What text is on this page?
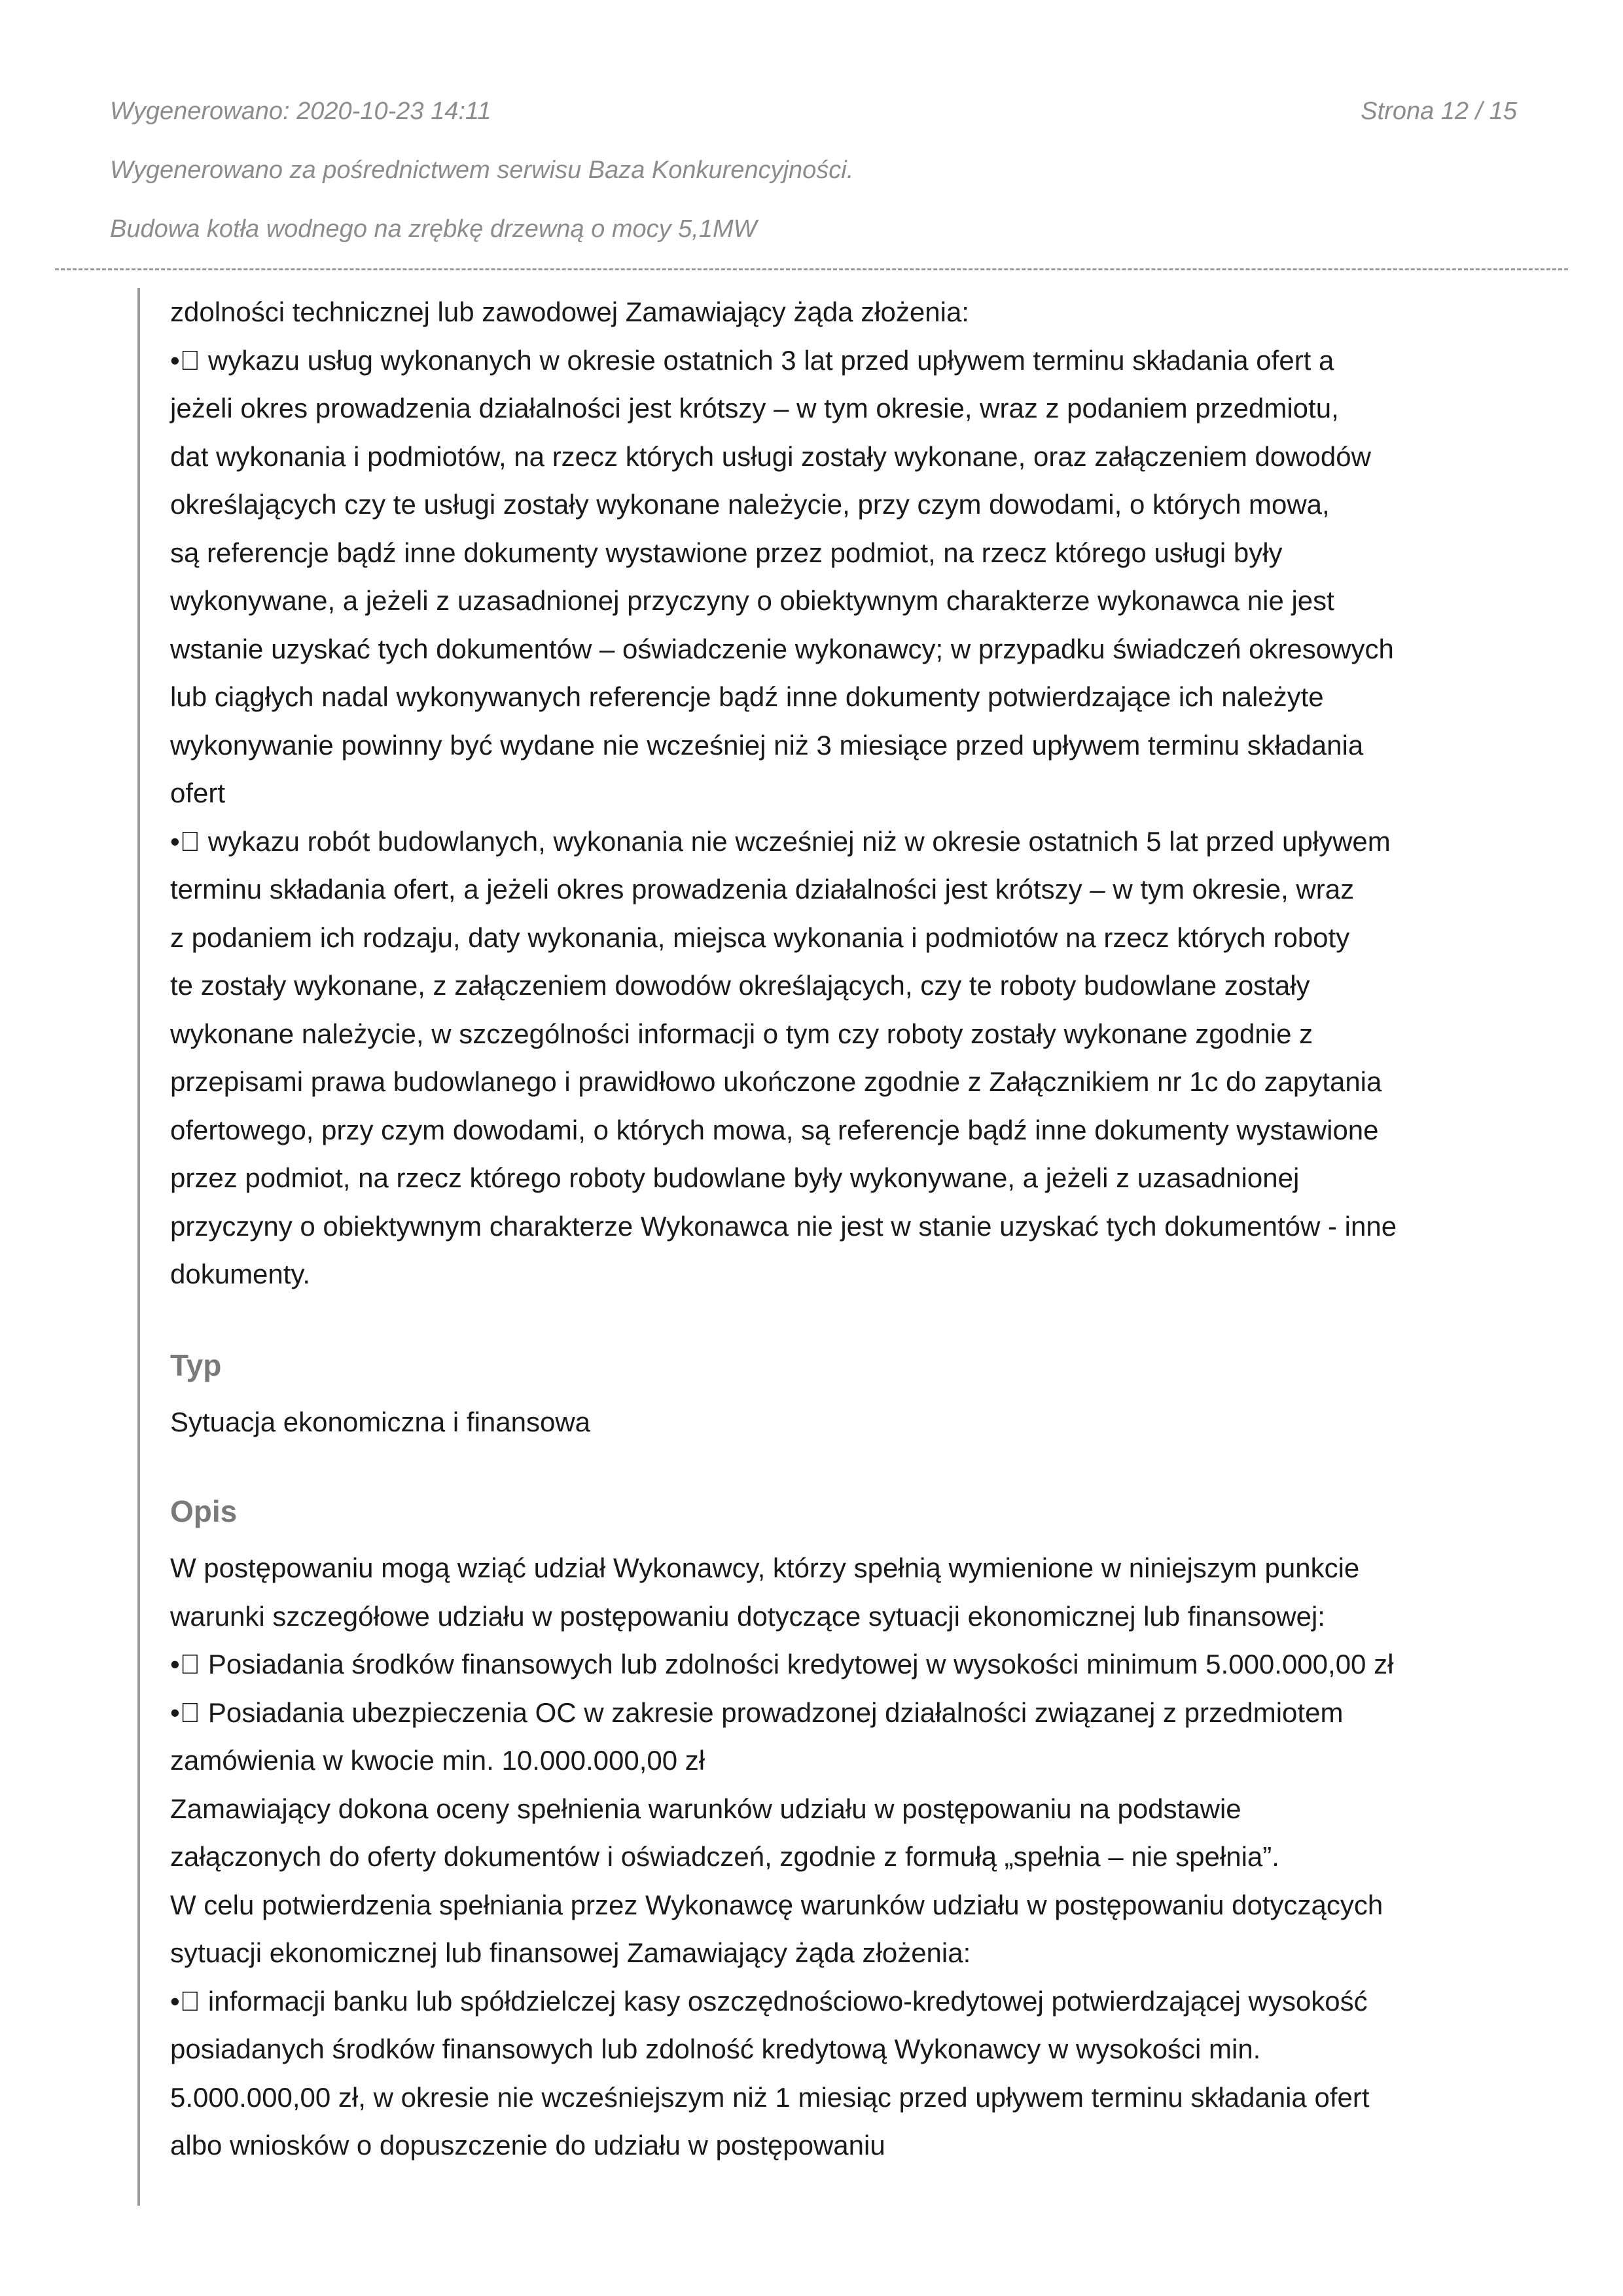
Wygenerowano: 2020-10-23 14:11	Strona 12 / 15
Wygenerowano za pośrednictwem serwisu Baza Konkurencyjności.
Budowa kotła wodnego na zrębkę drzewną o mocy 5,1MW

zdolności technicznej lub zawodowej Zamawiający żąda złożenia:
• wykazu usług wykonanych w okresie ostatnich 3 lat przed upływem terminu składania ofert a
jeżeli okres prowadzenia działalności jest krótszy – w tym okresie, wraz z podaniem przedmiotu,
dat wykonania i podmiotów, na rzecz których usługi zostały wykonane, oraz załączeniem dowodów
określających czy te usługi zostały wykonane należycie, przy czym dowodami, o których mowa,
są referencje bądź inne dokumenty wystawione przez podmiot, na rzecz którego usługi były
wykonywane, a jeżeli z uzasadnionej przyczyny o obiektywnym charakterze wykonawca nie jest
wstanie uzyskać tych dokumentów – oświadczenie wykonawcy; w przypadku świadczeń okresowych
lub ciągłych nadal wykonywanych referencje bądź inne dokumenty potwierdzające ich należyte
wykonywanie powinny być wydane nie wcześniej niż 3 miesiące przed upływem terminu składania
ofert
• wykazu robót budowlanych, wykonania nie wcześniej niż w okresie ostatnich 5 lat przed upływem
terminu składania ofert, a jeżeli okres prowadzenia działalności jest krótszy – w tym okresie, wraz
z podaniem ich rodzaju, daty wykonania, miejsca wykonania i podmiotów na rzecz których roboty
te zostały wykonane, z załączeniem dowodów określających, czy te roboty budowlane zostały
wykonane należycie, w szczególności informacji o tym czy roboty zostały wykonane zgodnie z
przepisami prawa budowlanego i prawidłowo ukończone zgodnie z Załącznikiem nr 1c do zapytania
ofertowego, przy czym dowodami, o których mowa, są referencje bądź inne dokumenty wystawione
przez podmiot, na rzecz którego roboty budowlane były wykonywane, a jeżeli z uzasadnionej
przyczyny o obiektywnym charakterze Wykonawca nie jest w stanie uzyskać tych dokumentów - inne
dokumenty.

Typ

Sytuacja ekonomiczna i finansowa

Opis

W postępowaniu mogą wziąć udział Wykonawcy, którzy spełnią wymienione w niniejszym punkcie
warunki szczegółowe udziału w postępowaniu dotyczące sytuacji ekonomicznej lub finansowej:
• Posiadania środków finansowych lub zdolności kredytowej w wysokości minimum 5.000.000,00 zł
• Posiadania ubezpieczenia OC w zakresie prowadzonej działalności związanej z przedmiotem
zamówienia w kwocie min. 10.000.000,00 zł
Zamawiający dokona oceny spełnienia warunków udziału w postępowaniu na podstawie
załączonych do oferty dokumentów i oświadczeń, zgodnie z formułą „spełnia – nie spełnia”.
W celu potwierdzenia spełniania przez Wykonawcę warunków udziału w postępowaniu dotyczących
sytuacji ekonomicznej lub finansowej Zamawiający żąda złożenia:
• informacji banku lub spółdzielczej kasy oszczędnościowo-kredytowej potwierdzającej wysokość
posiadanych środków finansowych lub zdolność kredytową Wykonawcy w wysokości min.
5.000.000,00 zł, w okresie nie wcześniejszym niż 1 miesiąc przed upływem terminu składania ofert
albo wniosków o dopuszczenie do udziału w postępowaniu
